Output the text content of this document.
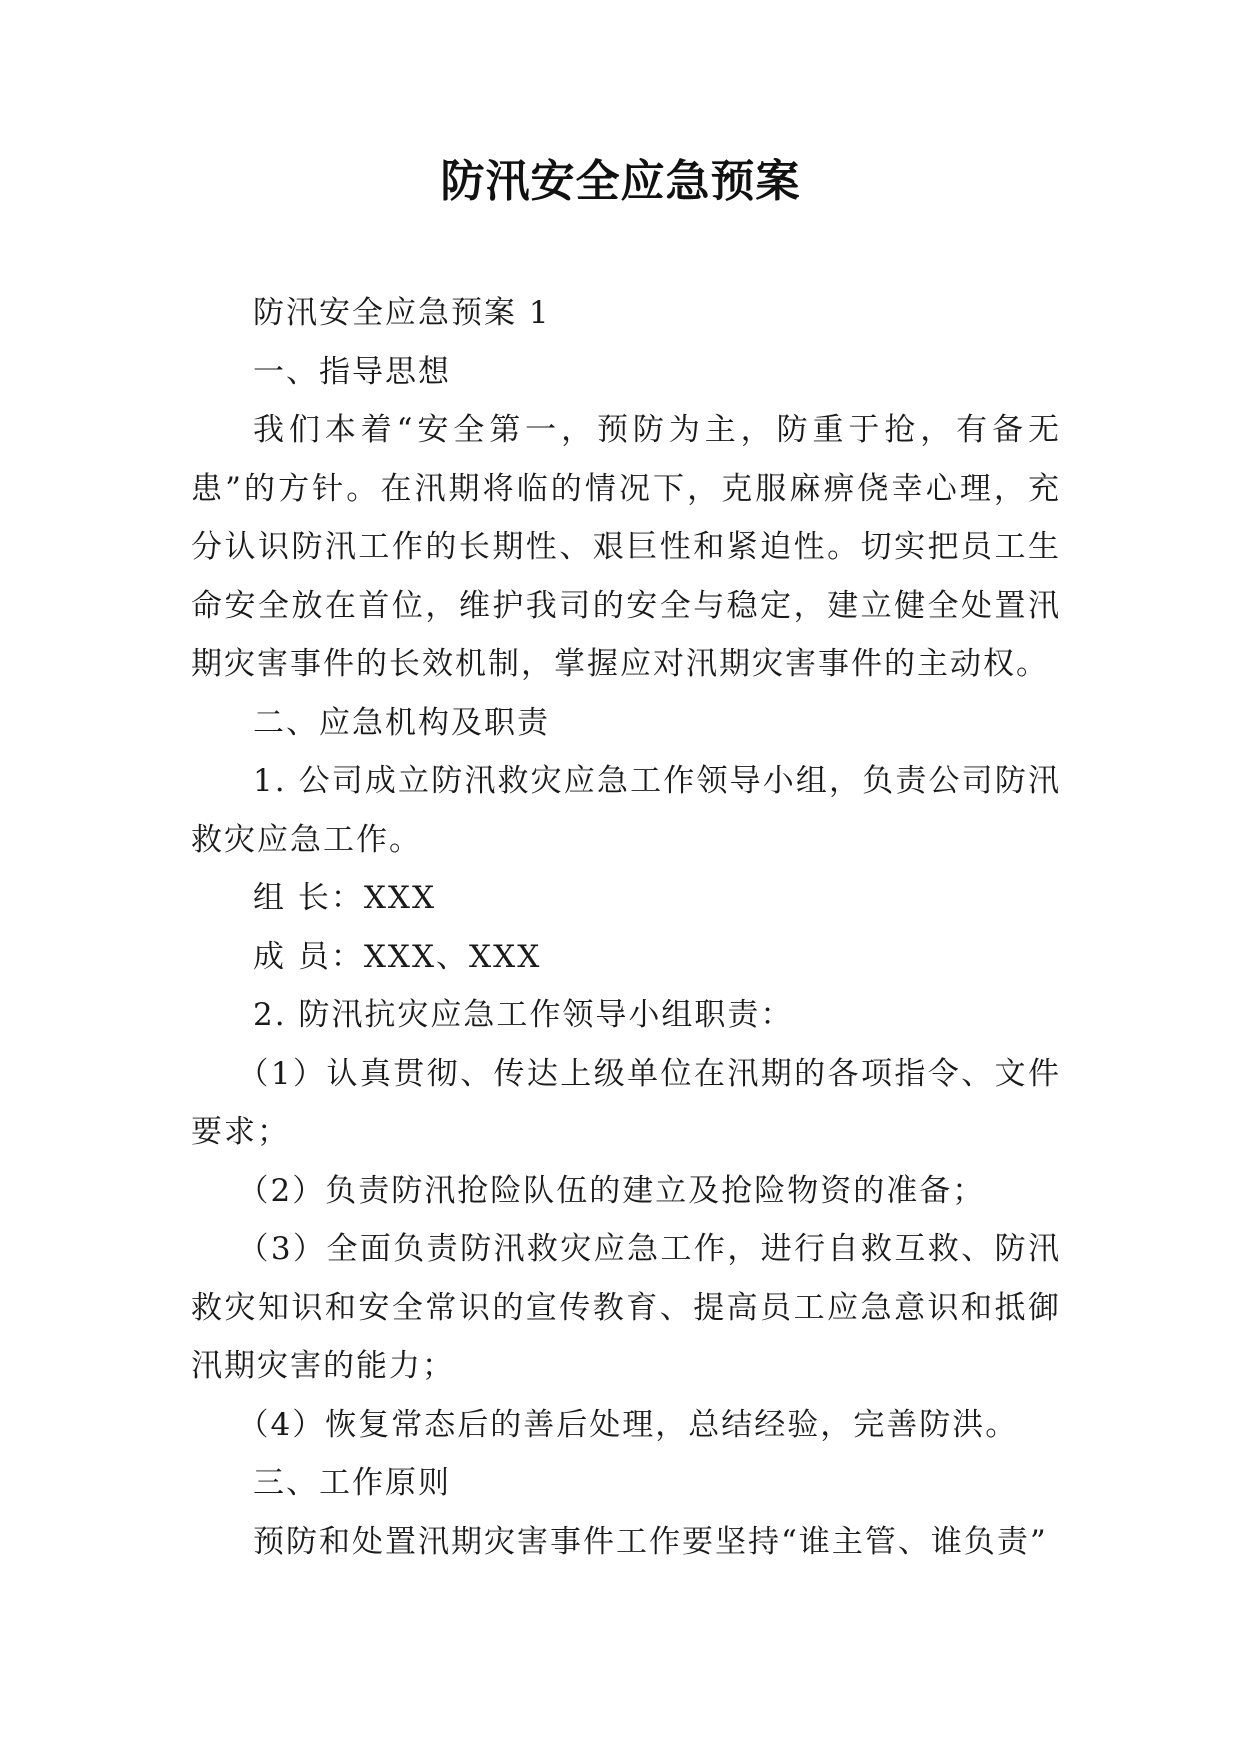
防汛安全应急预案

防汛安全应急预案 1

一、指导思想

我们本着“安全第一，预防为主，防重于抢，有备无患”的方针。在汛期将临的情况下，克服麻痹侥幸心理，充分认识防汛工作的长期性、艰巨性和紧迫性。切实把员工生命安全放在首位，维护我司的安全与稳定，建立健全处置汛期灾害事件的长效机制，掌握应对汛期灾害事件的主动权。

二、应急机构及职责

1. 公司成立防汛救灾应急工作领导小组，负责公司防汛救灾应急工作。

组 长：XXX

成 员：XXX、XXX

2. 防汛抗灾应急工作领导小组职责：

（1）认真贯彻、传达上级单位在汛期的各项指令、文件要求；

（2）负责防汛抢险队伍的建立及抢险物资的准备；

（3）全面负责防汛救灾应急工作，进行自救互救、防汛救灾知识和安全常识的宣传教育、提高员工应急意识和抵御汛期灾害的能力；

（4）恢复常态后的善后处理，总结经验，完善防洪。

三、工作原则

预防和处置汛期灾害事件工作要坚持“谁主管、谁负责”
